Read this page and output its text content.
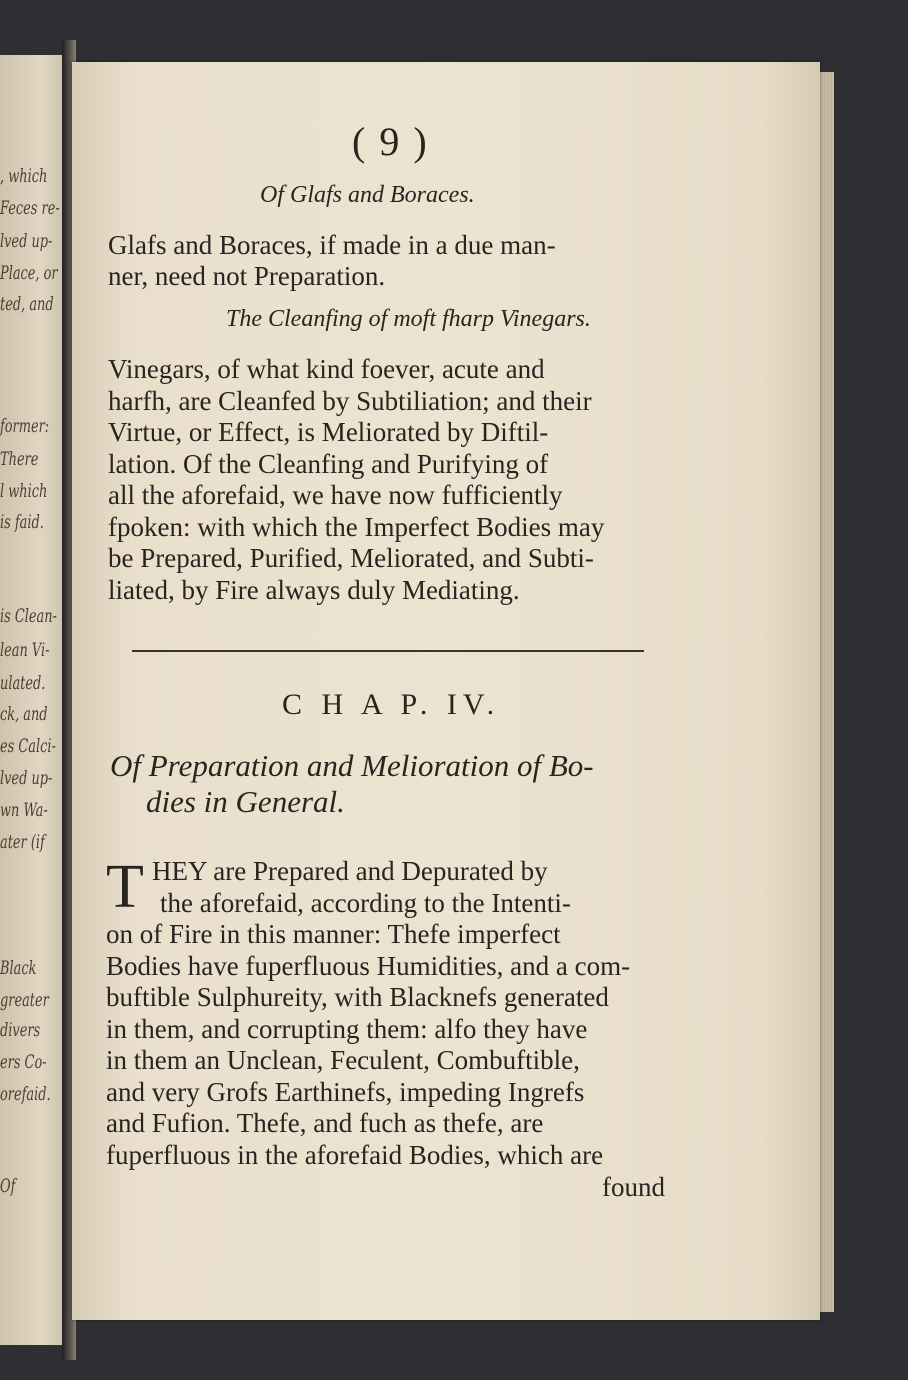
, which
Feces re-
lved up-
Place, or
ted, and
former:
There
l which
is faid.
is Clean-
lean Vi-
ulated.
ck, and
es Calci-
lved up-
wn Wa-
ater (if
Black
greater
divers
ers Co-
orefaid.
Of
( 9 )
Of Glafs and Boraces.
Glafs and Boraces, if made in a due man-
ner, need not Preparation.
The Cleanfing of moft fharp Vinegars.
Vinegars, of what kind foever, acute and
harfh, are Cleanfed by Subtiliation; and their
Virtue, or Effect, is Meliorated by Diftil-
lation. Of the Cleanfing and Purifying of
all the aforefaid, we have now fufficiently
fpoken: with which the Imperfect Bodies may
be Prepared, Purified, Meliorated, and Subti-
liated, by Fire always duly Mediating.
C H A P. IV.
Of Preparation and Melioration of Bo-
dies in General.
T HEY are Prepared and Depurated by
the aforefaid, according to the Intenti-
on of Fire in this manner: Thefe imperfect
Bodies have fuperfluous Humidities, and a com-
buftible Sulphureity, with Blacknefs generated
in them, and corrupting them: alfo they have
in them an Unclean, Feculent, Combuftible,
and very Grofs Earthinefs, impeding Ingrefs
and Fufion. Thefe, and fuch as thefe, are
fuperfluous in the aforefaid Bodies, which are
found
